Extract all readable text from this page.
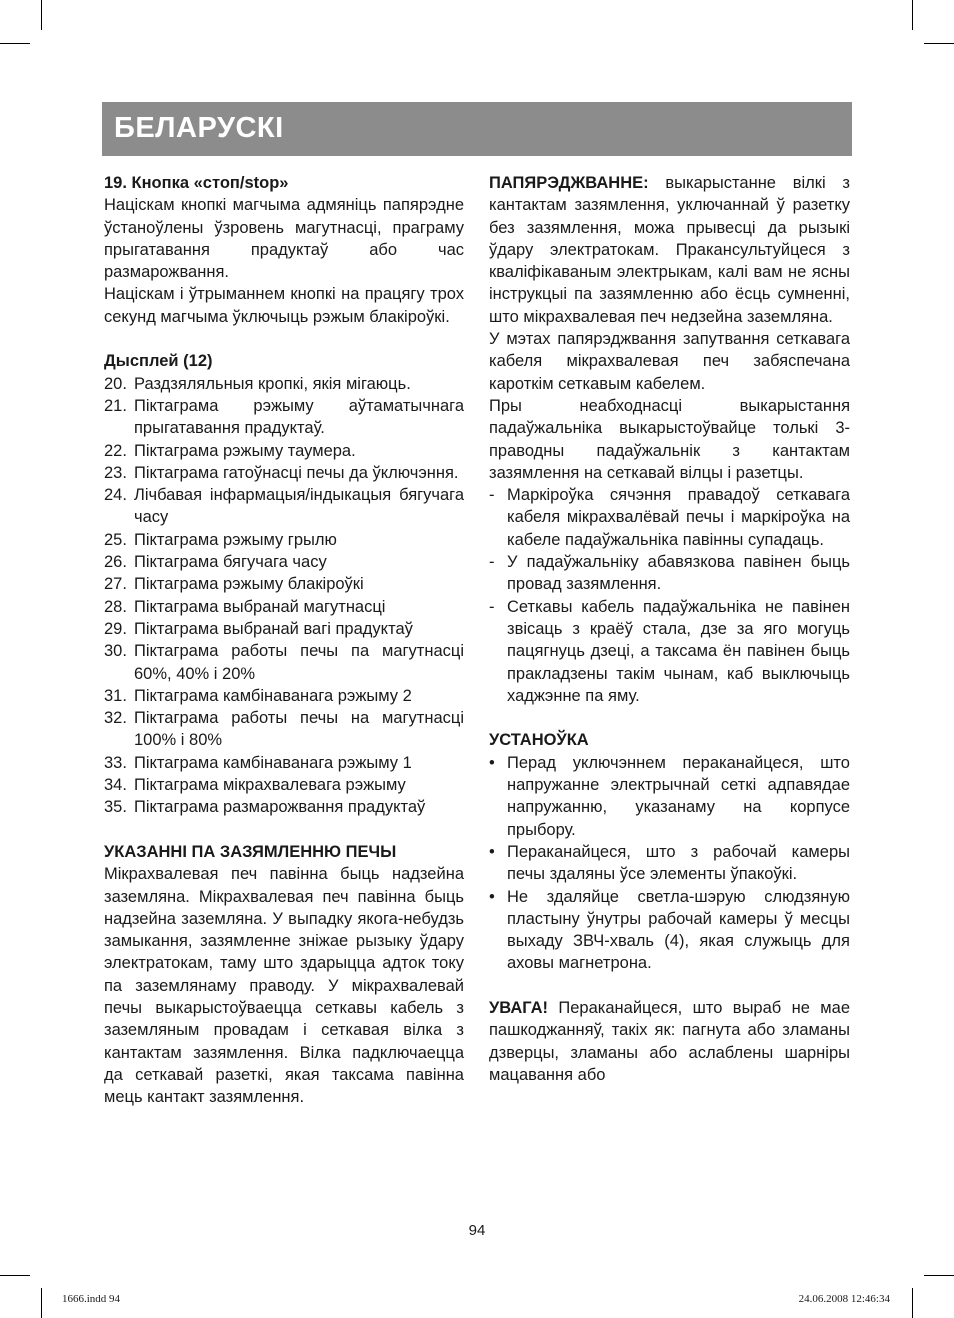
БЕЛАРУСКІ

19. Кнопка «стоп/stop»

Націскам кнопкі магчыма адмяніць папярэдне ўстаноўлены ўзровень магутнасці, праграму прыгатавання прадуктаў або час размарожвання.

Націскам і ўтрыманнем кнопкі на працягу трох секунд магчыма ўключыць рэжым блакіроўкі.

Дысплей (12)

20. Раздзяляльныя кропкі, якія мігаюць.
21. Піктаграма рэжыму аўтаматычнага прыгатавання прадуктаў.
22. Піктаграма рэжыму таумера.
23. Піктаграма гатоўнасці печы да ўключэння.
24. Лічбавая інфармацыя/індыкацыя бягучага часу
25. Піктаграма рэжыму грылю
26. Піктаграма бягучага часу
27. Піктаграма рэжыму блакіроўкі
28. Піктаграма выбранай магутнасці
29. Піктаграма выбранай вагі прадуктаў
30. Піктаграма работы печы па магутнасці 60%, 40% і 20%
31. Піктаграма камбінаванага рэжыму 2
32. Піктаграма работы печы на магутнасці 100% і 80%
33. Піктаграма камбінаванага рэжыму 1
34. Піктаграма мікрахвалевага рэжыму
35. Піктаграма размарожвання прадуктаў

УКАЗАННІ ПА ЗАЗЯМЛЕННЮ ПЕЧЫ

Мікрахвалевая печ павінна быць надзейна заземляна. Мікрахвалевая печ павінна быць надзейна заземляна. У выпадку якога-небудзь замыкання, зазямленне зніжае рызыку ўдару электратокам, таму што здарыцца адток току па заземлянаму праводу. У мікрахвалевай печы выкарыстоўваецца сеткавы кабель з заземляным провадам і сеткавая вілка з кантактам зазямлення. Вілка падключаецца да сеткавай разеткі, якая таксама павінна мець кантакт зазямлення.

ПАПЯРЭДЖВАННЕ: выкарыстанне вілкі з кантактам зазямлення, уключаннай ў разетку без зазямлення, можа прывесці да рызыкі ўдару электратокам. Пракансультуйцеся з кваліфікаваным электрыкам, калі вам не ясны інструкцыі па зазямленню або ёсць сумненні, што мікрахвалевая печ недзейна заземляна.

У мэтах папярэджвання запутвання сеткавага кабеля мікрахвалевая печ забяспечана кароткім сеткавым кабелем.

Пры неабходнасці выкарыстання падаўжальніка выкарыстоўвайце толькі 3-праводны падаўжальнік з кантактам зазямлення на сеткавай вілцы і разетцы.

- Маркіроўка сячэння правадоў сеткавага кабеля мікрахвалёвай печы і маркіроўка на кабеле падаўжальніка павінны супадаць.
- У падаўжальніку абавязкова павінен быць провад зазямлення.
- Сеткавы кабель падаўжальніка не павінен звісаць з краёў стала, дзе за яго могуць пацягнуць дзеці, а таксама ён павінен быць пракладзены такім чынам, каб выключыць хаджэнне па яму.

УСТАНОЎКА

• Перад уключэннем пераканайцеся, што напружанне электрычнай сеткі адпавядае напружанню, указанаму на корпусе прыбору.
• Пераканайцеся, што з рабочай камеры печы здаляны ўсе элементы ўпакоўкі.
• Не здаляйце светла-шэрую слюдзяную пластыну ўнутры рабочай камеры ў месцы выхаду ЗВЧ-хваль (4), якая служыць для аховы магнетрона.

УВАГА! Пераканайцеся, што выраб не мае пашкоджанняў, такіх як: пагнута або зламаны дзверцы, зламаны або аслаблены шарніры мацавання або

94
1666.indd 94	24.06.2008 12:46:34
